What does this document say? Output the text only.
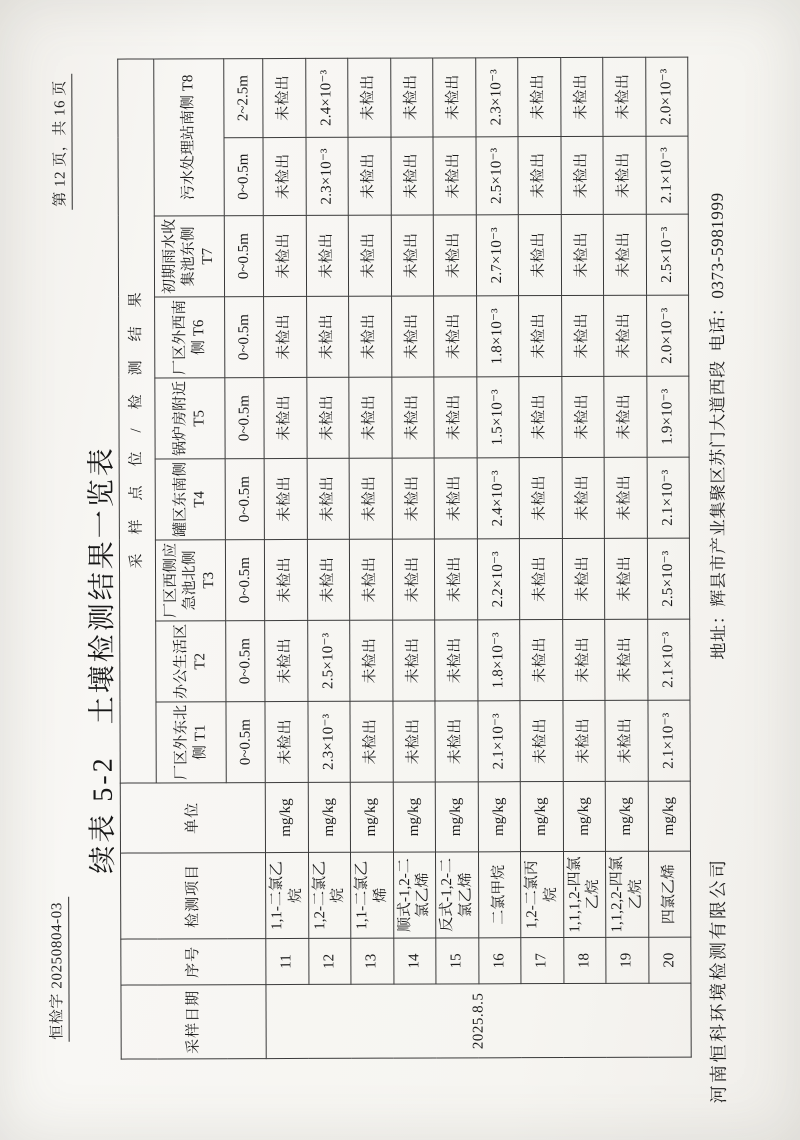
恒检字 20250804-03
第 12 页，共 16 页
续表 5-2　土壤检测结果一览表
采样日期	序号	检测项目	单位	采样点位/检测结果								
				厂区外东北侧 T1	办公生活区 T2	厂区西侧应急池北侧 T3	罐区东南侧 T4	锅炉房附近 T5	厂区外西南侧 T6	初期雨水收集池东侧 T7	污水处理站南侧 T8	
				0~0.5m	0~0.5m	0~0.5m	0~0.5m	0~0.5m	0~0.5m	0~0.5m	0~0.5m	2~2.5m
2025.8.5	11	1,1-二氯乙烷	mg/kg	未检出	未检出	未检出	未检出	未检出	未检出	未检出	未检出	未检出
	12	1,2-二氯乙烷	mg/kg	2.3×10⁻³	2.5×10⁻³	未检出	未检出	未检出	未检出	未检出	2.3×10⁻³	2.4×10⁻³
	13	1,1-二氯乙烯	mg/kg	未检出	未检出	未检出	未检出	未检出	未检出	未检出	未检出	未检出
	14	顺式-1,2-二氯乙烯	mg/kg	未检出	未检出	未检出	未检出	未检出	未检出	未检出	未检出	未检出
	15	反式-1,2-二氯乙烯	mg/kg	未检出	未检出	未检出	未检出	未检出	未检出	未检出	未检出	未检出
	16	二氯甲烷	mg/kg	2.1×10⁻³	1.8×10⁻³	2.2×10⁻³	2.4×10⁻³	1.5×10⁻³	1.8×10⁻³	2.7×10⁻³	2.5×10⁻³	2.3×10⁻³
	17	1,2-二氯丙烷	mg/kg	未检出	未检出	未检出	未检出	未检出	未检出	未检出	未检出	未检出
	18	1,1,1,2-四氯乙烷	mg/kg	未检出	未检出	未检出	未检出	未检出	未检出	未检出	未检出	未检出
	19	1,1,2,2-四氯乙烷	mg/kg	未检出	未检出	未检出	未检出	未检出	未检出	未检出	未检出	未检出
	20	四氯乙烯	mg/kg	2.1×10⁻³	2.1×10⁻³	2.5×10⁻³	2.1×10⁻³	1.9×10⁻³	2.0×10⁻³	2.5×10⁻³	2.1×10⁻³	2.0×10⁻³
河南恒科环境检测有限公司
地址：辉县市产业集聚区苏门大道西段
电话：0373-5981999
